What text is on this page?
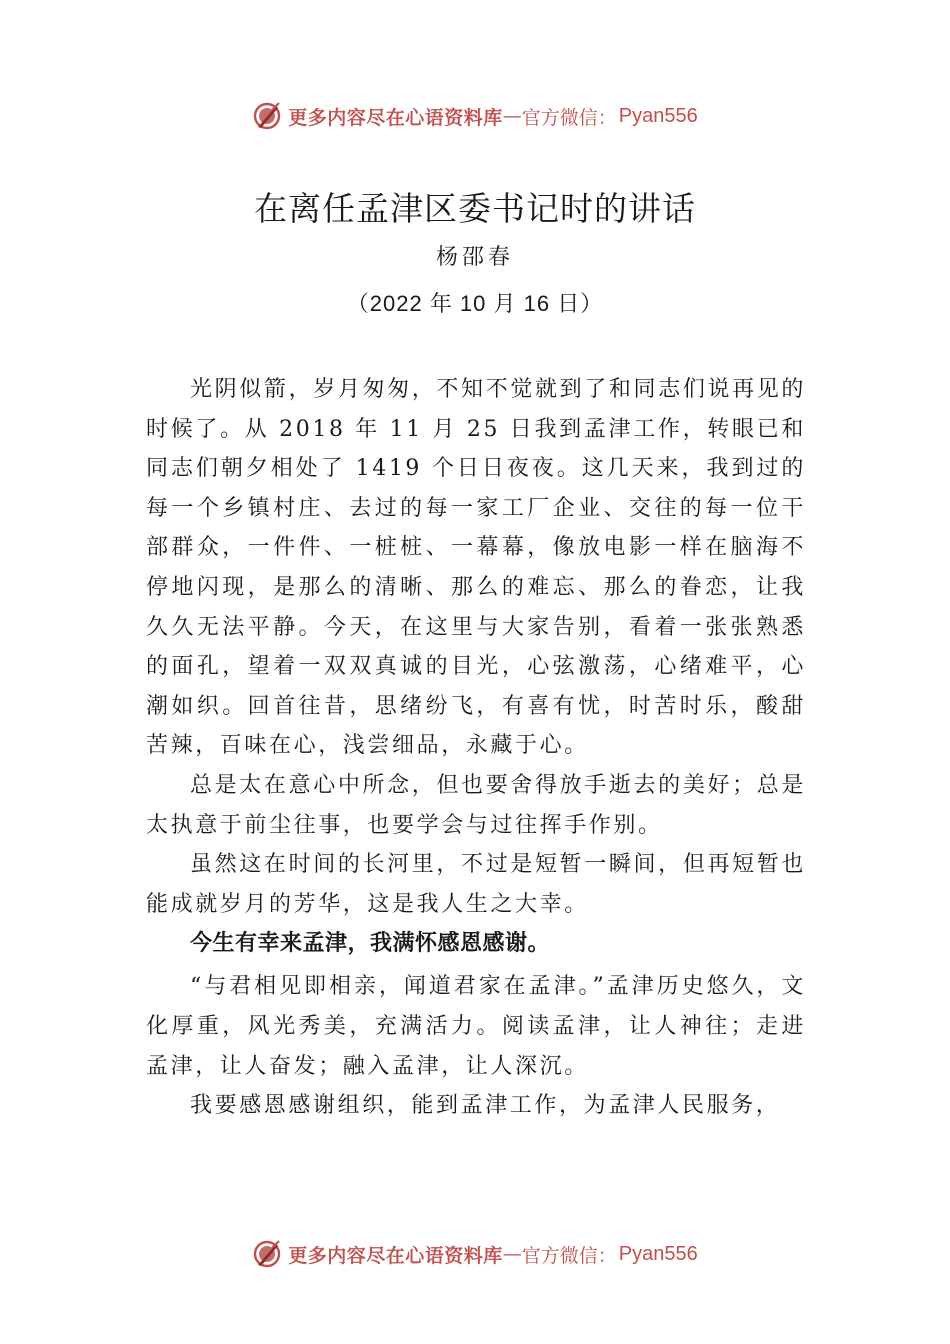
更多内容尽在心语资料库 — 官方微信： Pyan556
在离任孟津区委书记时的讲话
杨邵春
（2022 年 10 月 16 日）

光阴似箭，岁月匆匆，不知不觉就到了和同志们说再见的时候了。从 2018 年 11 月 25 日我到孟津工作，转眼已和同志们朝夕相处了 1419 个日日夜夜。这几天来，我到过的每一个乡镇村庄、去过的每一家工厂企业、交往的每一位干部群众，一件件、一桩桩、一幕幕，像放电影一样在脑海不停地闪现，是那么的清晰、那么的难忘、那么的眷恋，让我久久无法平静。今天，在这里与大家告别，看着一张张熟悉的面孔，望着一双双真诚的目光，心弦激荡，心绪难平，心潮如织。回首往昔，思绪纷飞，有喜有忧，时苦时乐，酸甜苦辣，百味在心，浅尝细品，永藏于心。

总是太在意心中所念，但也要舍得放手逝去的美好；总是太执意于前尘往事，也要学会与过往挥手作别。

虽然这在时间的长河里，不过是短暂一瞬间，但再短暂也能成就岁月的芳华，这是我人生之大幸。

今生有幸来孟津，我满怀感恩感谢。

“与君相见即相亲，闻道君家在孟津。”孟津历史悠久，文化厚重，风光秀美，充满活力。阅读孟津，让人神往；走进孟津，让人奋发；融入孟津，让人深沉。

我要感恩感谢组织，能到孟津工作，为孟津人民服务，

更多内容尽在心语资料库 — 官方微信： Pyan556
